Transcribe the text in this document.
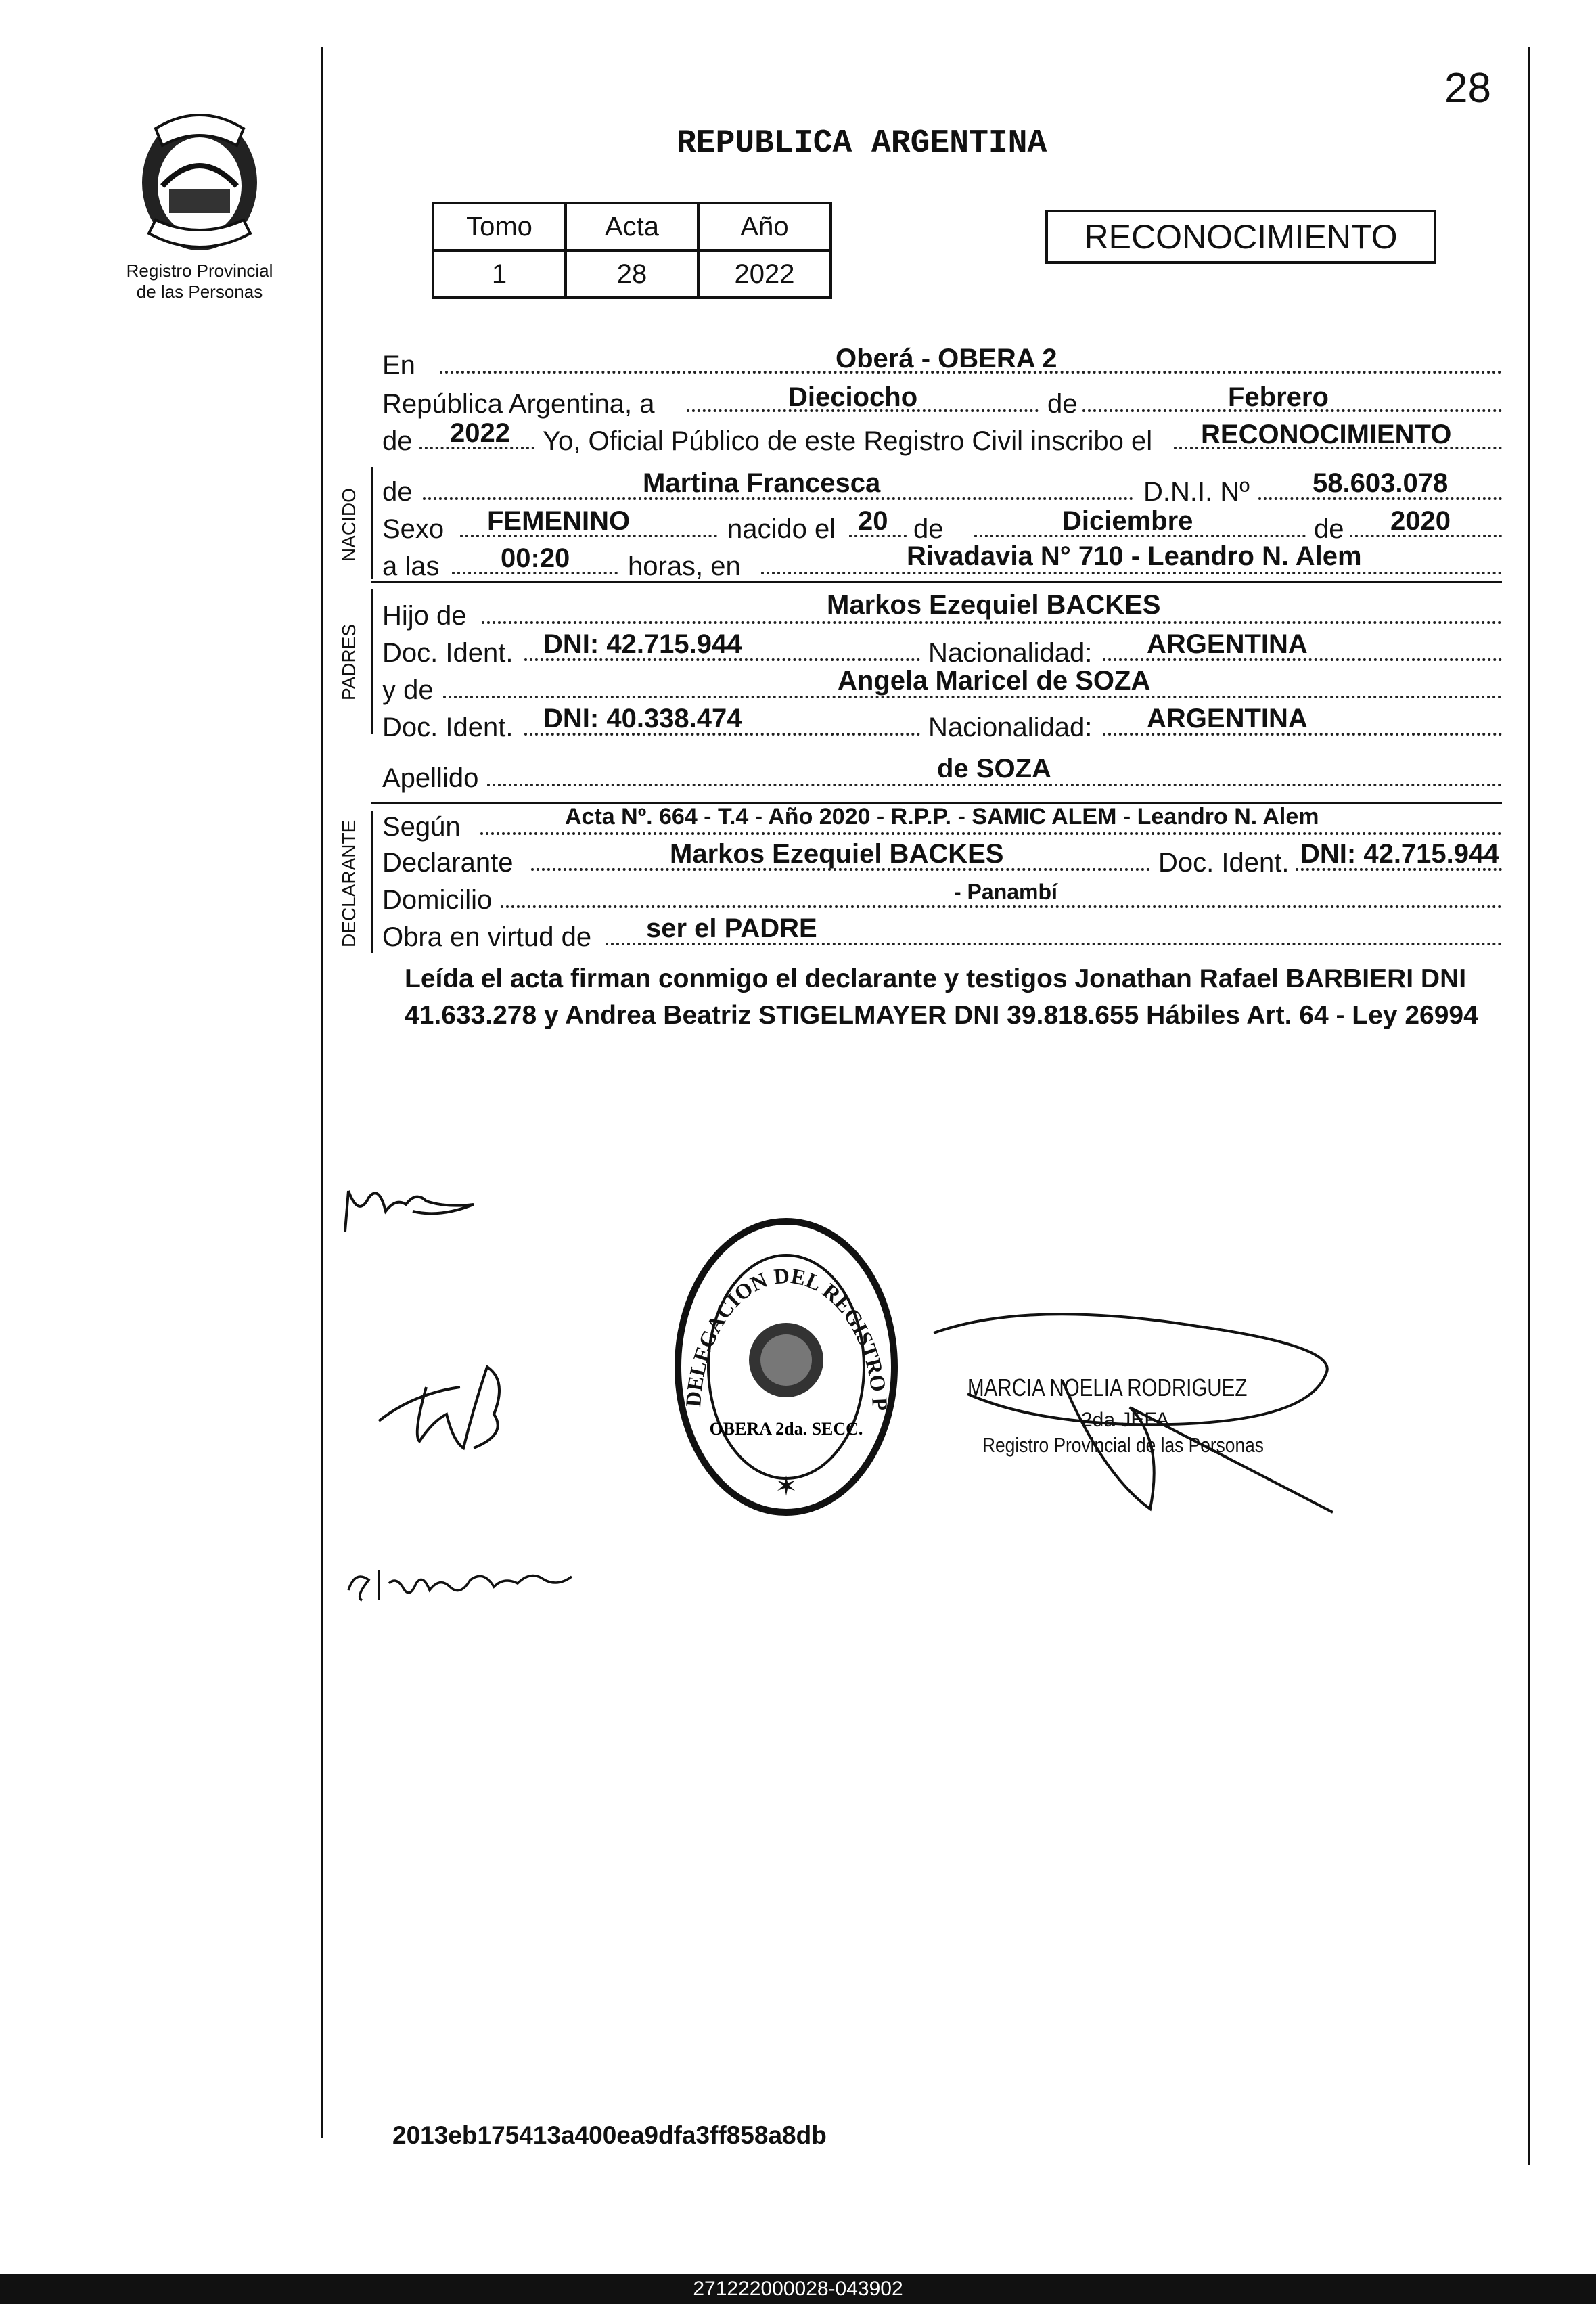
28
Registro Provincial
de las Personas
REPUBLICA ARGENTINA
Tomo	Acta	Año
1	28	2022
RECONOCIMIENTO
En	Oberá - OBERA 2
República Argentina, a	Dieciocho	de	Febrero
de 2022 Yo, Oficial Público de este Registro Civil inscribo el RECONOCIMIENTO
NACIDO de	Martina Francesca	D.N.I. Nº 58.603.078
Sexo FEMENINO	nacido el 20 de	Diciembre	de 2020
a las 00:20 horas, en	Rivadavia N° 710 - Leandro N. Alem
PADRES
Hijo de	Markos Ezequiel BACKES
Doc. Ident. DNI: 42.715.944	Nacionalidad: ARGENTINA
y de	Angela Maricel de SOZA
Doc. Ident. DNI: 40.338.474	Nacionalidad: ARGENTINA
Apellido	de SOZA
DECLARANTE Según	Acta Nº. 664 - T.4 - Año 2020 - R.P.P. - SAMIC ALEM - Leandro N. Alem
Declarante	Markos Ezequiel BACKES	Doc. Ident. DNI: 42.715.944
Domicilio	- Panambí
Obra en virtud de ser el PADRE
Leída el acta firman conmigo el declarante y testigos Jonathan Rafael BARBIERI DNI 41.633.278 y Andrea Beatriz STIGELMAYER DNI 39.818.655 Hábiles Art. 64 - Ley 26994
DELEGACION DEL REGISTRO P
OBERA 2da. SECC.
✶
MARCIA NOELIA RODRIGUEZ
2da JEFA
Registro Provincial de las Personas
2013eb175413a400ea9dfa3ff858a8db
271222000028-043902
